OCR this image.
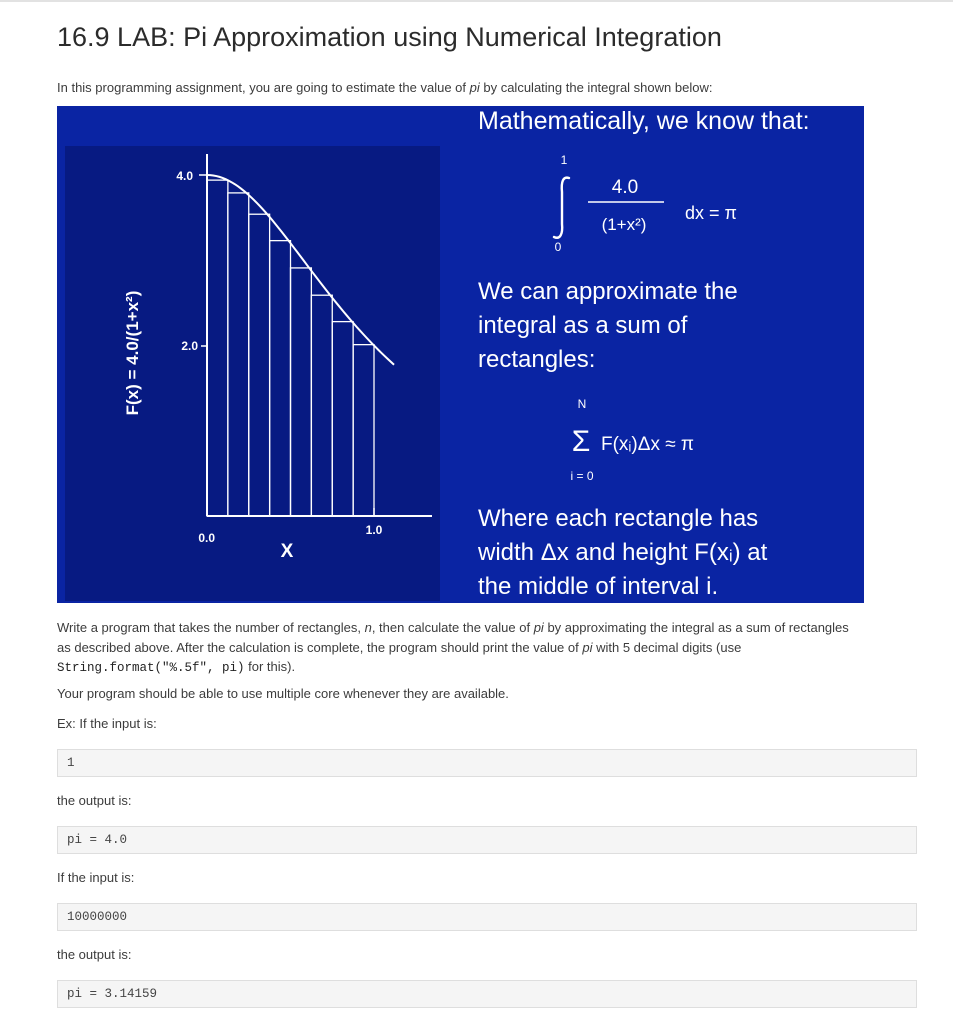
16.9 LAB: Pi Approximation using Numerical Integration

In this programming assignment, you are going to estimate the value of pi by calculating the integral shown below:

F(x) = 4.0/(1+x²)
X
4.0
2.0
0.0
1.0
Mathematically, we know that:
1
0
4.0
(1+x²)
dx = π
We can approximate the
integral as a sum of
rectangles:
N
Σ
i = 0
F(xᵢ)Δx ≈ π
Where each rectangle has
width Δx and height F(xᵢ) at
the middle of interval i.

Write a program that takes the number of rectangles, n, then calculate the value of pi by approximating the integral as a sum of rectangles
as described above. After the calculation is complete, the program should print the value of pi with 5 decimal digits (use
String.format("%.5f", pi) for this).

Your program should be able to use multiple core whenever they are available.

Ex: If the input is:

1

the output is:

pi = 4.0

If the input is:

10000000

the output is:

pi = 3.14159
